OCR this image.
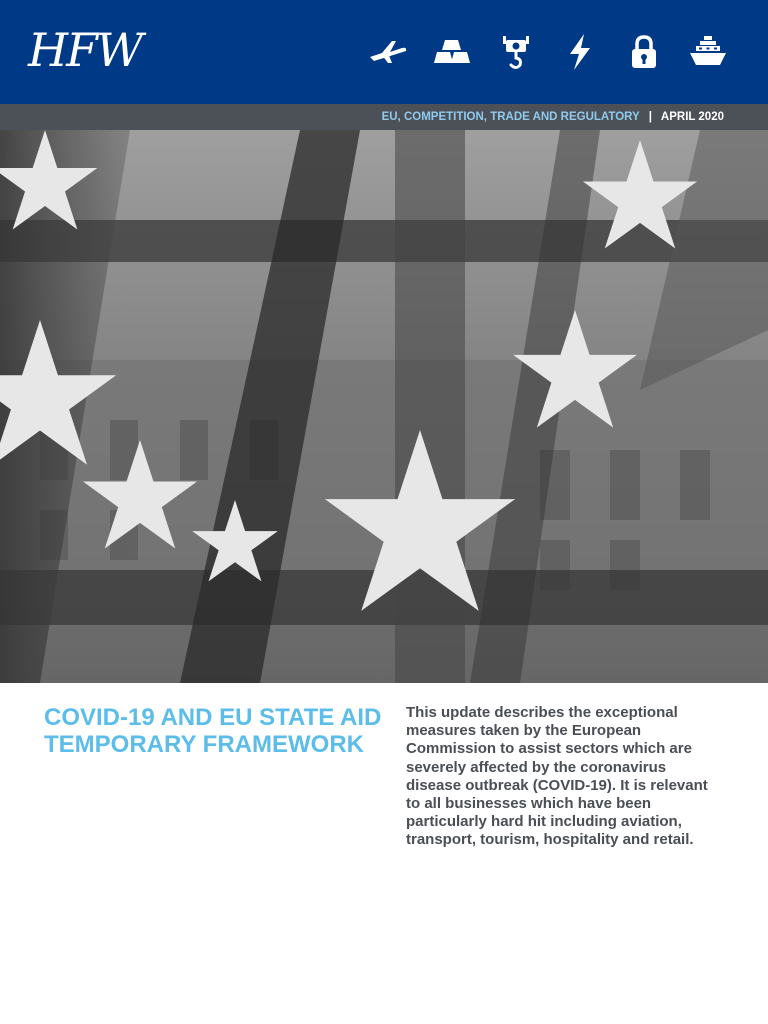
HFW
EU, COMPETITION, TRADE AND REGULATORY | APRIL 2020
COVID-19 AND EU STATE AID TEMPORARY FRAMEWORK

This update describes the exceptional measures taken by the European Commission to assist sectors which are severely affected by the coronavirus disease outbreak (COVID-19). It is relevant to all businesses which have been particularly hard hit including aviation, transport, tourism, hospitality and retail.
